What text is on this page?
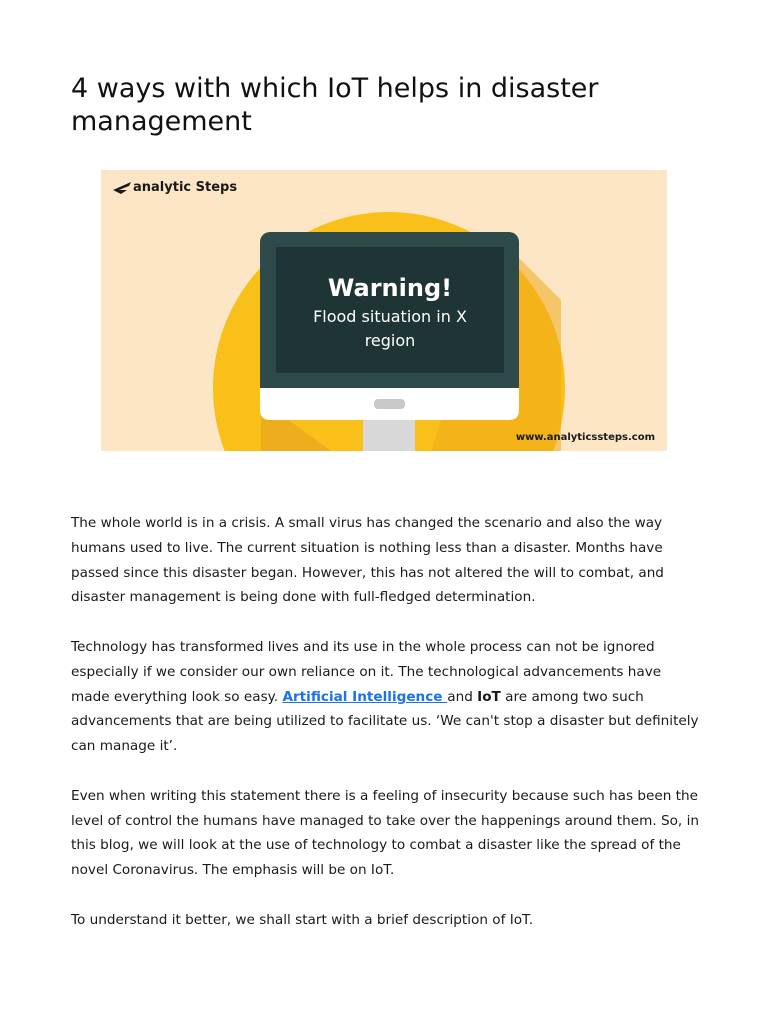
4 ways with which IoT helps in disaster management
analytic Steps
Warning!
Flood situation in X
region
www.analyticssteps.com

The whole world is in a crisis. A small virus has changed the scenario and also the way humans used to live. The current situation is nothing less than a disaster. Months have passed since this disaster began. However, this has not altered the will to combat, and disaster management is being done with full-fledged determination.

Technology has transformed lives and its use in the whole process can not be ignored especially if we consider our own reliance on it. The technological advancements have made everything look so easy. Artificial Intelligence and IoT are among two such advancements that are being utilized to facilitate us. ‘We can't stop a disaster but definitely can manage it’.

Even when writing this statement there is a feeling of insecurity because such has been the level of control the humans have managed to take over the happenings around them. So, in this blog, we will look at the use of technology to combat a disaster like the spread of the novel Coronavirus. The emphasis will be on IoT.

To understand it better, we shall start with a brief description of IoT.
